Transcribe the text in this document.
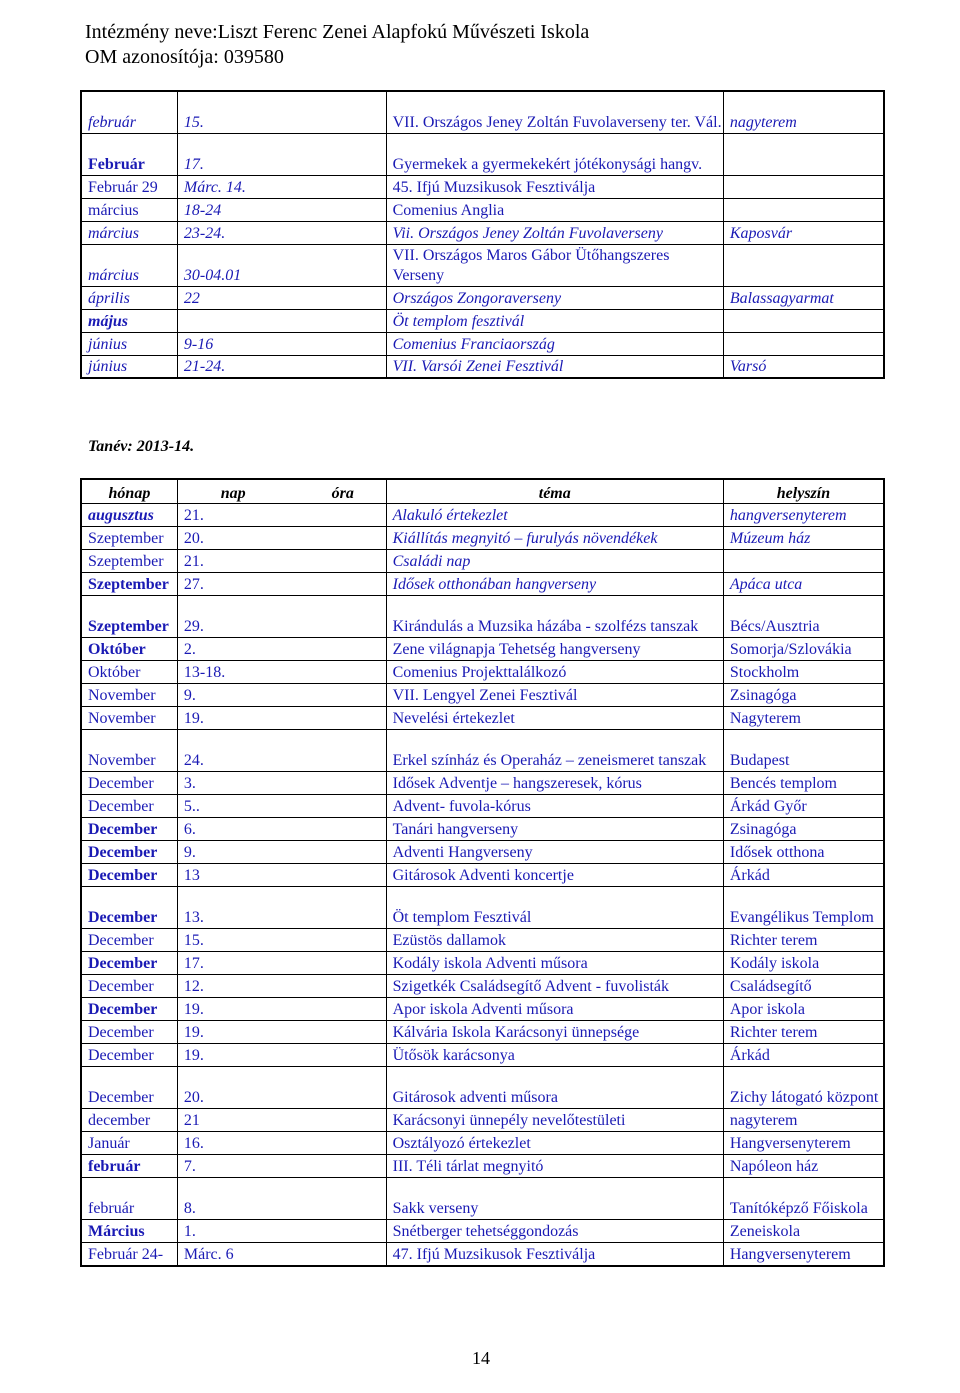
Intézmény neve:Liszt Ferenc Zenei Alapfokú Művészeti Iskola
OM azonosítója: 039580
február	15.	VII. Országos Jeney Zoltán Fuvolaverseny ter. Vál.	nagyterem
Február	17.	Gyermekek a gyermekekért jótékonysági hangv.	
Február 29	Márc. 14.	45. Ifjú Muzsikusok Fesztiválja	
március	18-24	Comenius Anglia	
március	23-24.	Vii. Országos Jeney Zoltán Fuvolaverseny	Kaposvár
március	30-04.01	VII. Országos Maros Gábor Ütőhangszeres Verseny	
április	22	Országos Zongoraverseny	Balassagyarmat
május		Öt templom fesztivál	
június	9-16	Comenius Franciaország	
június	21-24.	VII. Varsói Zenei Fesztivál	Varsó
Tanév: 2013-14.
hónap	nap óra	téma	helyszín
augusztus	21.	Alakuló értekezlet	hangversenyterem
Szeptember	20.	Kiállítás megnyitó – furulyás növendékek	Múzeum ház
Szeptember	21.	Családi nap	
Szeptember	27.	Idősek otthonában hangverseny	Apáca utca
Szeptember	29.	Kirándulás a Muzsika házába - szolfézs tanszak	Bécs/Ausztria
Október	2.	Zene világnapja Tehetség hangverseny	Somorja/Szlovákia
Október	13-18.	Comenius Projekttalálkozó	Stockholm
November	9.	VII. Lengyel Zenei Fesztivál	Zsinagóga
November	19.	Nevelési értekezlet	Nagyterem
November	24.	Erkel színház és Operaház – zeneismeret tanszak	Budapest
December	3.	Idősek Adventje – hangszeresek, kórus	Bencés templom
December	5..	Advent- fuvola-kórus	Árkád Győr
December	6.	Tanári hangverseny	Zsinagóga
December	9.	Adventi Hangverseny	Idősek otthona
December	13	Gitárosok Adventi koncertje	Árkád
December	13.	Öt templom Fesztivál	Evangélikus Templom
December	15.	Ezüstös dallamok	Richter terem
December	17.	Kodály iskola Adventi műsora	Kodály iskola
December	12.	Szigetkék Családsegítő Advent - fuvolisták	Családsegítő
December	19.	Apor iskola Adventi műsora	Apor iskola
December	19.	Kálvária Iskola Karácsonyi ünnepsége	Richter terem
December	19.	Ütősök karácsonya	Árkád
December	20.	Gitárosok adventi műsora	Zichy látogató központ
december	21	Karácsonyi ünnepély nevelőtestületi	nagyterem
Január	16.	Osztályozó értekezlet	Hangversenyterem
február	7.	III. Téli tárlat megnyitó	Napóleon ház
február	8.	Sakk verseny	Tanítóképző Főiskola
Március	1.	Snétberger tehetséggondozás	Zeneiskola
Február 24-	Márc. 6	47. Ifjú Muzsikusok Fesztiválja	Hangversenyterem
14
